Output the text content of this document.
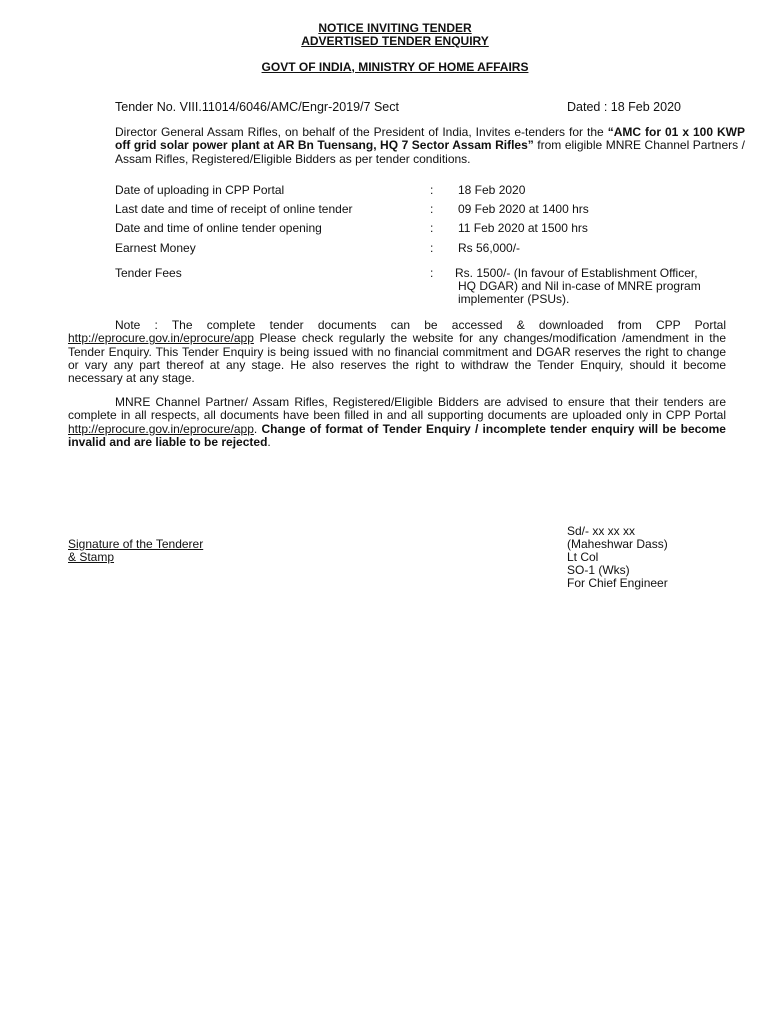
NOTICE INVITING TENDER
ADVERTISED TENDER ENQUIRY
GOVT OF INDIA, MINISTRY OF HOME AFFAIRS
Tender No. VIII.11014/6046/AMC/Engr-2019/7 Sect	Dated : 18 Feb 2020
Director General Assam Rifles, on behalf of the President of India, Invites e-tenders for the “AMC for 01 x 100 KWP off grid solar power plant at AR Bn Tuensang, HQ 7 Sector Assam Rifles” from eligible MNRE Channel Partners / Assam Rifles, Registered/Eligible Bidders as per tender conditions.
Date of uploading in CPP Portal	: 18 Feb 2020
Last date and time of receipt of online tender	: 09 Feb 2020 at 1400 hrs
Date and time of online tender opening	: 11 Feb 2020 at 1500 hrs
Earnest Money	: Rs 56,000/-
Tender Fees	: Rs. 1500/- (In favour of Establishment Officer,
HQ DGAR) and Nil in-case of MNRE program
implementer (PSUs).
Note : The complete tender documents can be accessed & downloaded from CPP Portal http://eprocure.gov.in/eprocure/app Please check regularly the website for any changes/modification /amendment in the Tender Enquiry. This Tender Enquiry is being issued with no financial commitment and DGAR reserves the right to change or vary any part thereof at any stage. He also reserves the right to withdraw the Tender Enquiry, should it become necessary at any stage.
MNRE Channel Partner/ Assam Rifles, Registered/Eligible Bidders are advised to ensure that their tenders are complete in all respects, all documents have been filled in and all supporting documents are uploaded only in CPP Portal http://eprocure.gov.in/eprocure/app. Change of format of Tender Enquiry / incomplete tender enquiry will be become invalid and are liable to be rejected.
Signature of the Tenderer
& Stamp
Sd/- xx xx xx
(Maheshwar Dass)
Lt Col
SO-1 (Wks)
For Chief Engineer
